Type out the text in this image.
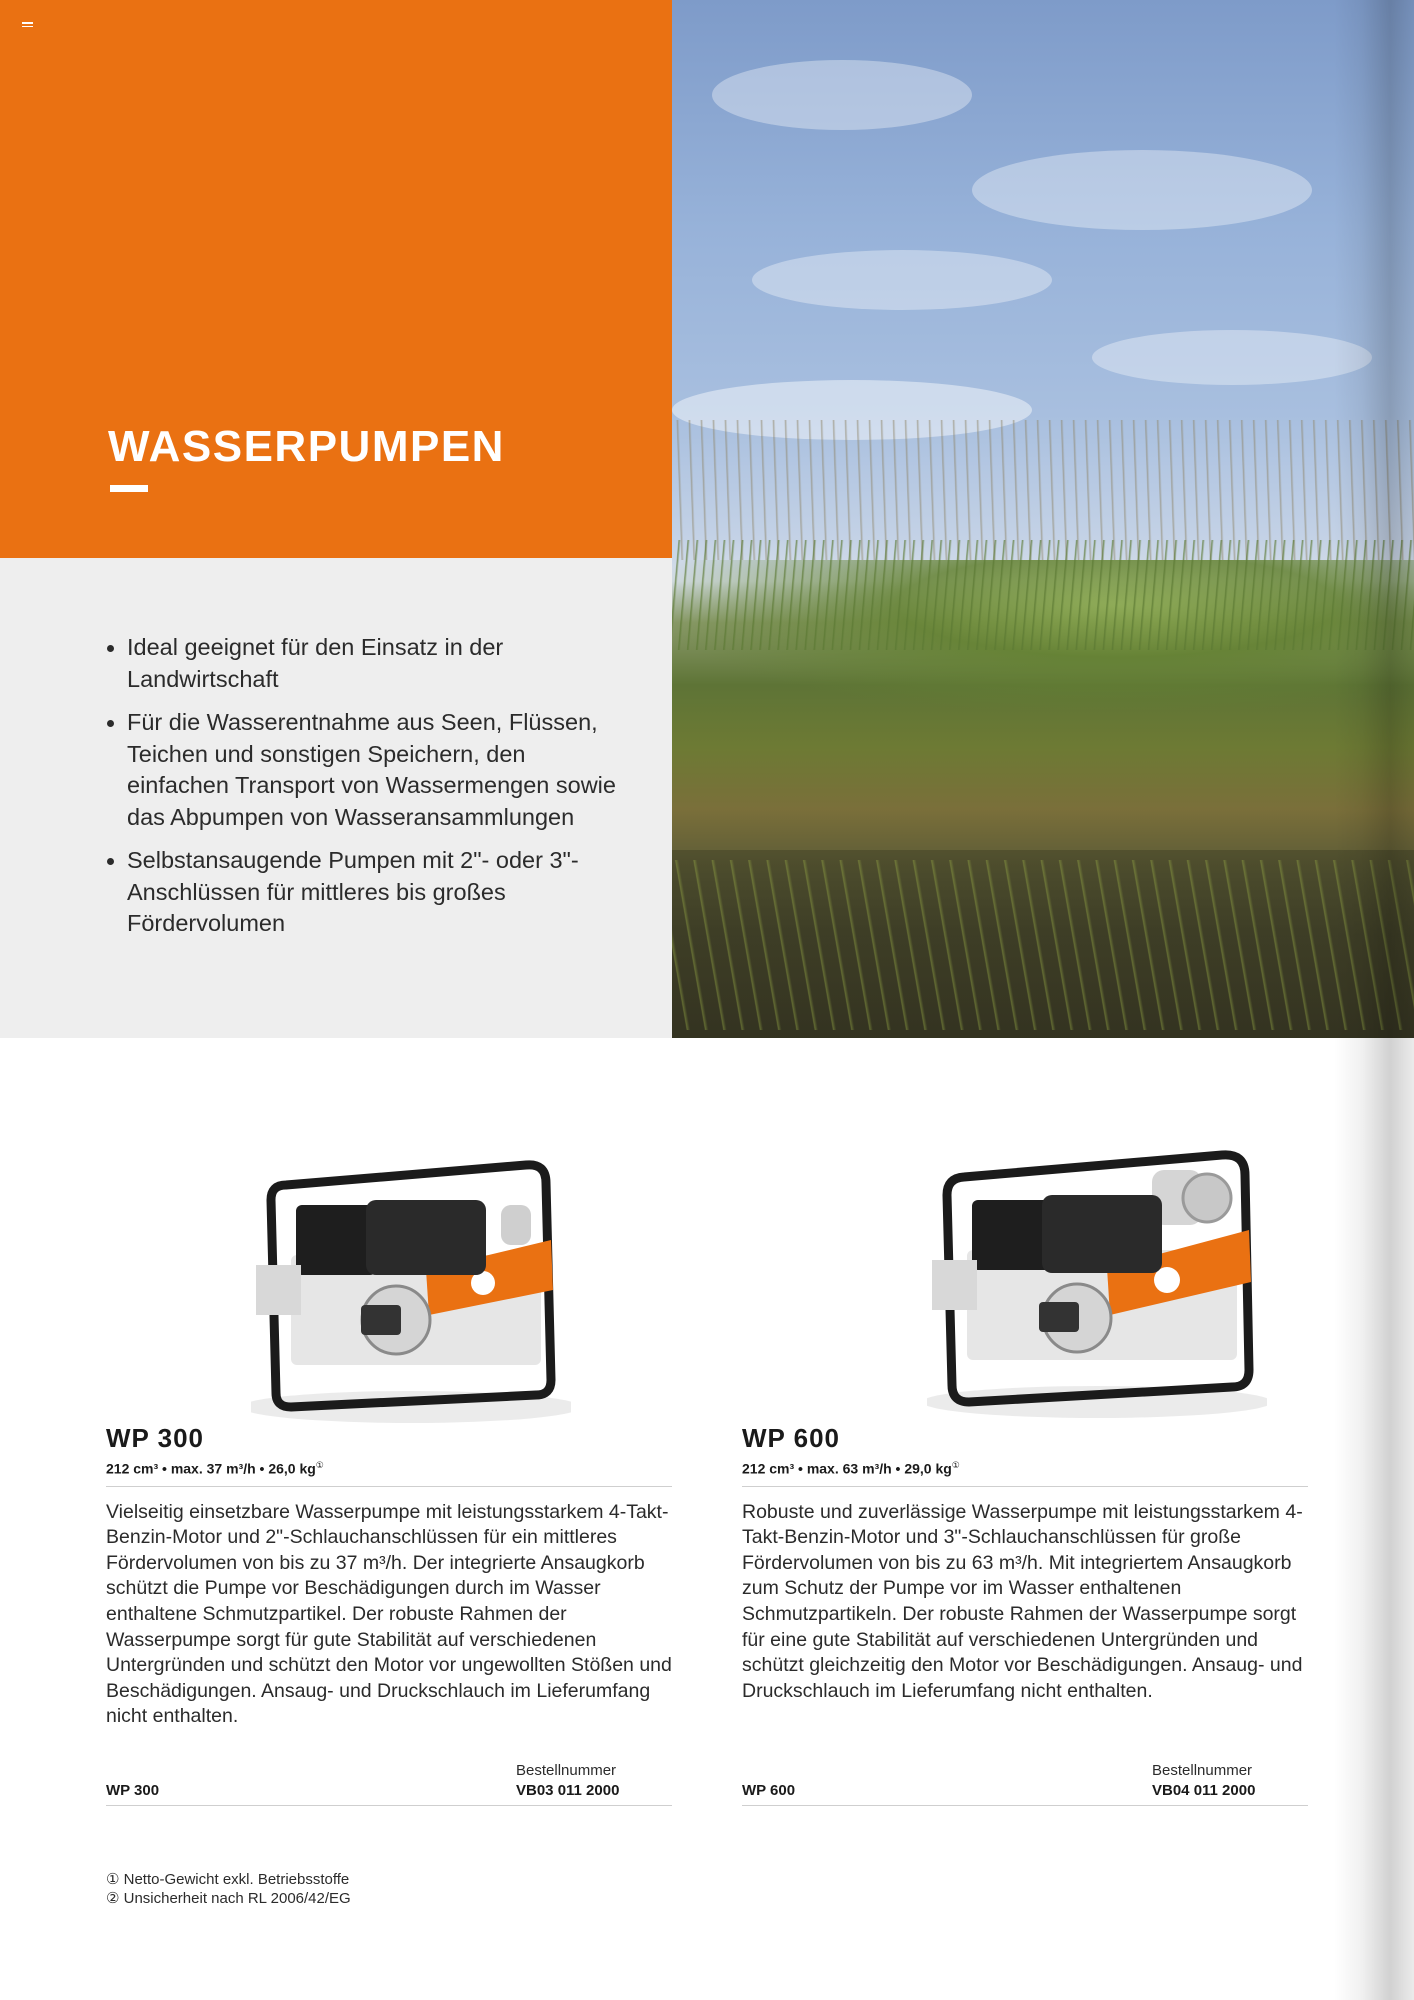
WASSERPUMPEN
Ideal geeignet für den Einsatz in der Landwirtschaft
Für die Wasserentnahme aus Seen, Flüssen, Teichen und sonstigen Speichern, den einfachen Transport von Wassermengen sowie das Abpumpen von Wasseransammlungen
Selbstansaugende Pumpen mit 2"- oder 3"-Anschlüssen für mittleres bis großes Fördervolumen
WP 300
212 cm³ • max. 37 m³/h • 26,0 kg①

Vielseitig einsetzbare Wasserpumpe mit leistungsstarkem 4-Takt-Benzin-Motor und 2"-Schlauchanschlüssen für ein mittleres Fördervolumen von bis zu 37 m³/h. Der integrierte Ansaugkorb schützt die Pumpe vor Beschädigungen durch im Wasser enthaltene Schmutzpartikel. Der robuste Rahmen der Wasserpumpe sorgt für gute Stabilität auf verschiedenen Untergründen und schützt den Motor vor ungewollten Stößen und Beschädigungen. Ansaug- und Druckschlauch im Lieferumfang nicht enthalten.

Bestellnummer
WP 300	VB03 011 2000
WP 600
212 cm³ • max. 63 m³/h • 29,0 kg①

Robuste und zuverlässige Wasserpumpe mit leistungsstarkem 4-Takt-Benzin-Motor und 3"-Schlauchanschlüssen für große Fördervolumen von bis zu 63 m³/h. Mit integriertem Ansaugkorb zum Schutz der Pumpe vor im Wasser enthaltenen Schmutzpartikeln. Der robuste Rahmen der Wasserpumpe sorgt für eine gute Stabilität auf verschiedenen Untergründen und schützt gleichzeitig den Motor vor Beschädigungen. Ansaug- und Druckschlauch im Lieferumfang nicht enthalten.

Bestellnummer
WP 600	VB04 011 2000
① Netto-Gewicht exkl. Betriebsstoffe
② Unsicherheit nach RL 2006/42/EG
